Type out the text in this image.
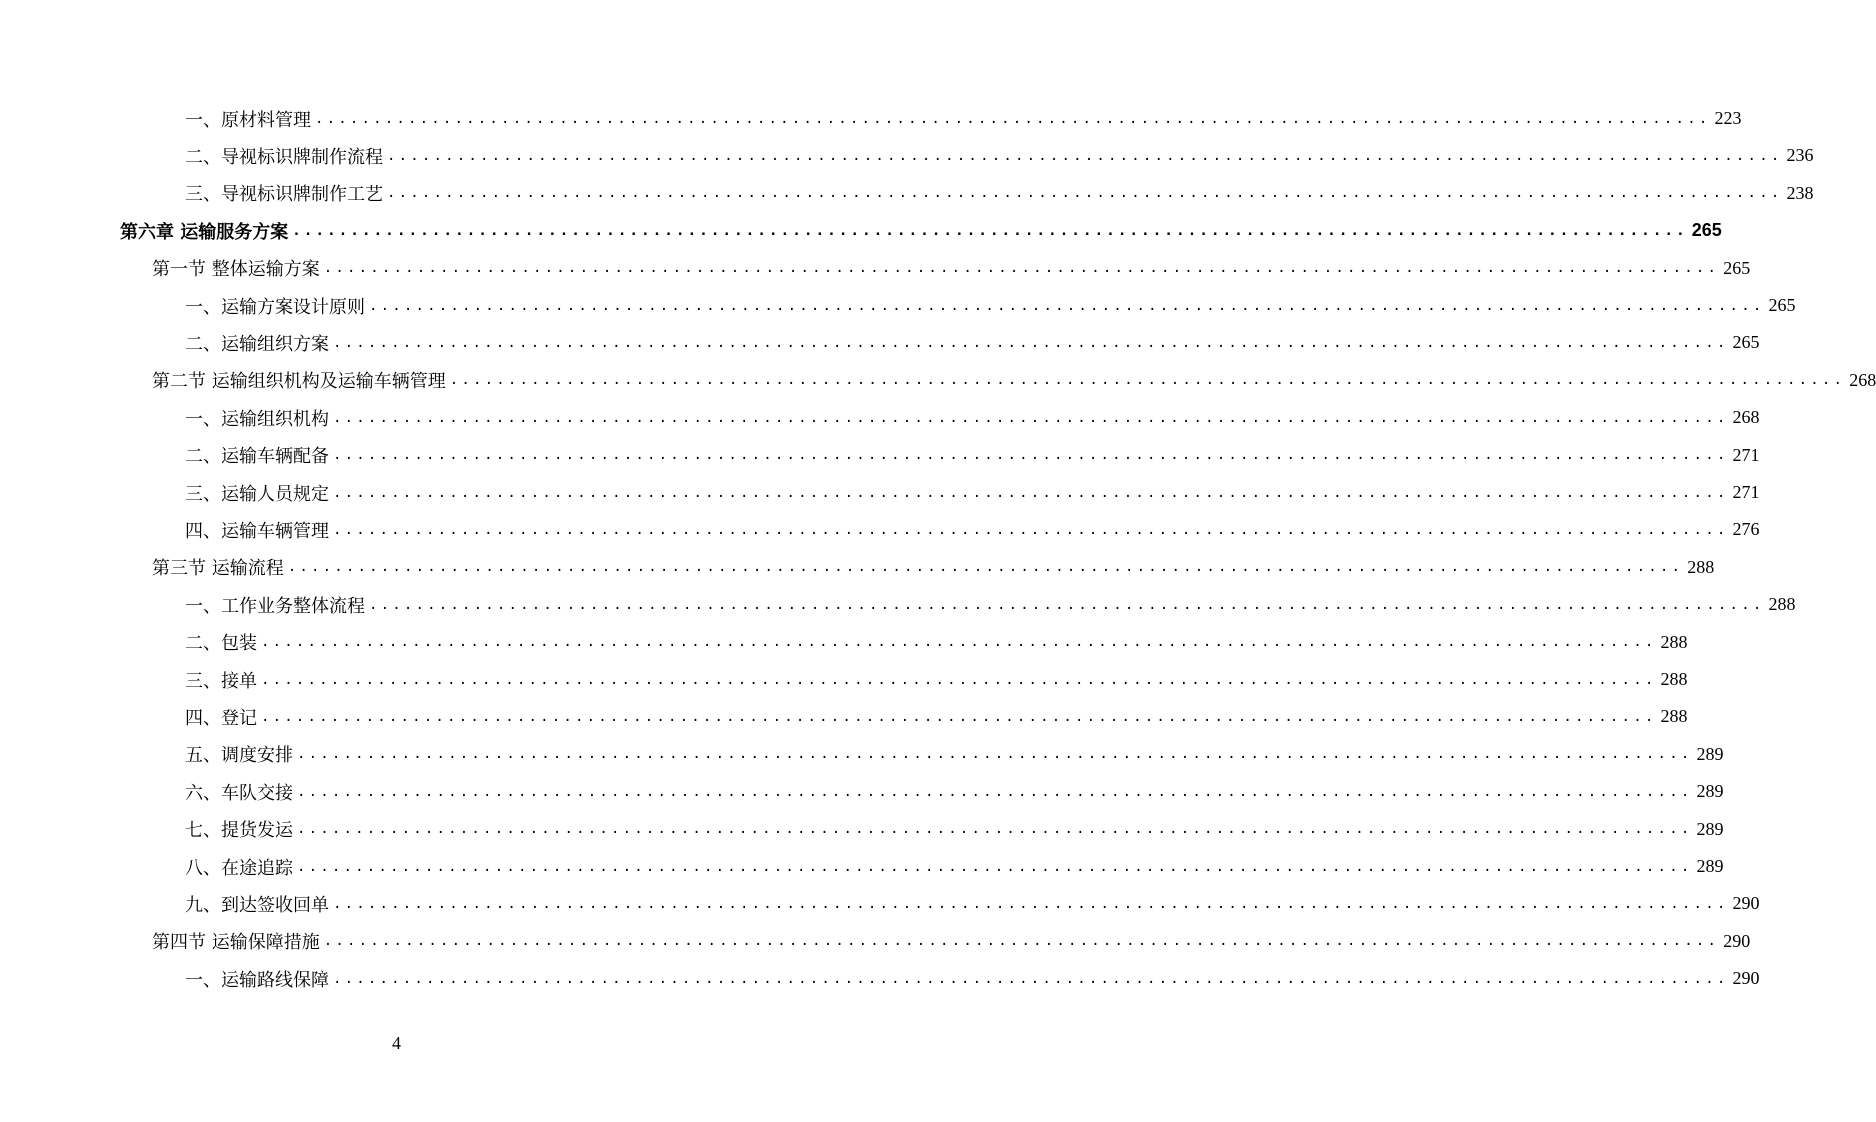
一、原材料管理 ........................................................................................................................ 223
二、导视标识牌制作流程 ........................................................................................................................ 236
三、导视标识牌制作工艺 ........................................................................................................................ 238
第六章 运输服务方案 ........................................................................................................................ 265
第一节 整体运输方案 ........................................................................................................................ 265
一、运输方案设计原则 ........................................................................................................................ 265
二、运输组织方案 ........................................................................................................................ 265
第二节 运输组织机构及运输车辆管理 ........................................................................................................................ 268
一、运输组织机构 ........................................................................................................................ 268
二、运输车辆配备 ........................................................................................................................ 271
三、运输人员规定 ........................................................................................................................ 271
四、运输车辆管理 ........................................................................................................................ 276
第三节 运输流程 ........................................................................................................................ 288
一、工作业务整体流程 ........................................................................................................................ 288
二、包装 ........................................................................................................................ 288
三、接单 ........................................................................................................................ 288
四、登记 ........................................................................................................................ 288
五、调度安排 ........................................................................................................................ 289
六、车队交接 ........................................................................................................................ 289
七、提货发运 ........................................................................................................................ 289
八、在途追踪 ........................................................................................................................ 289
九、到达签收回单 ........................................................................................................................ 290
第四节 运输保障措施 ........................................................................................................................ 290
一、运输路线保障 ........................................................................................................................ 290
4
